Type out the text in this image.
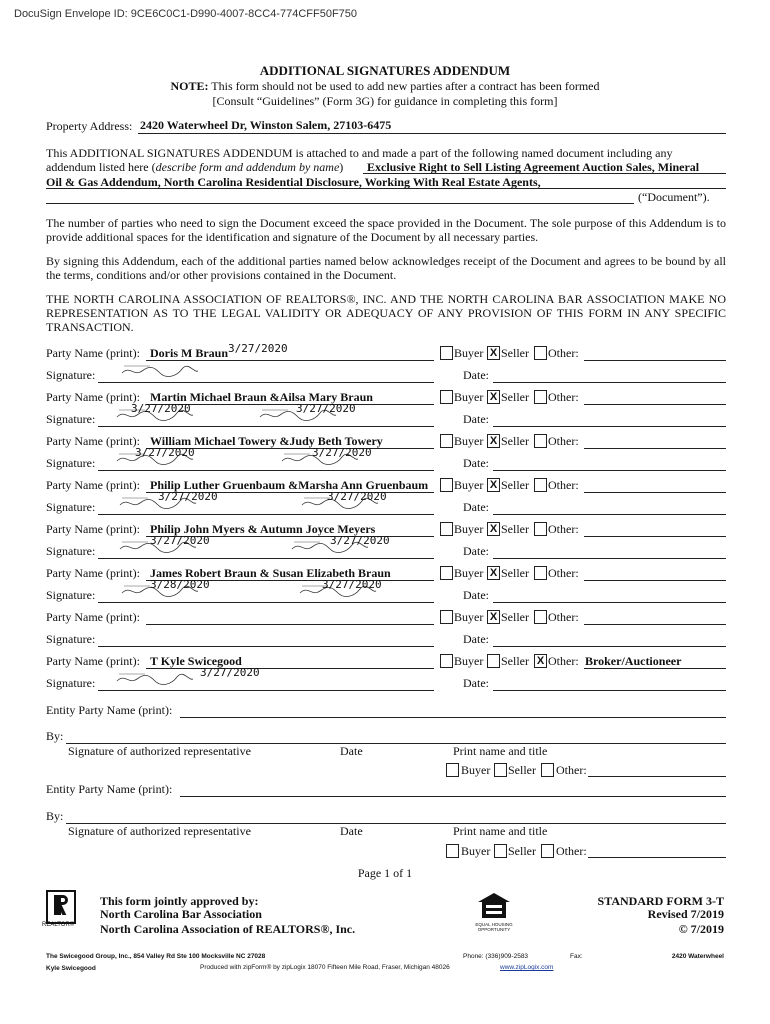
DocuSign Envelope ID: 9CE6C0C1-D990-4007-8CC4-774CFF50F750
ADDITIONAL SIGNATURES ADDENDUM
NOTE: This form should not be used to add new parties after a contract has been formed
[Consult “Guidelines” (Form 3G) for guidance in completing this form]
Property Address: 2420 Waterwheel Dr, Winston Salem, 27103-6475
This ADDITIONAL SIGNATURES ADDENDUM is attached to and made a part of the following named document including any
addendum listed here (describe form and addendum by name) Exclusive Right to Sell Listing Agreement Auction Sales, Mineral
Oil & Gas Addendum, North Carolina Residential Disclosure, Working With Real Estate Agents,
(“Document”).
The number of parties who need to sign the Document exceed the space provided in the Document. The sole purpose of this Addendum is to provide additional spaces for the identification and signature of the Document by all necessary parties.
By signing this Addendum, each of the additional parties named below acknowledges receipt of the Document and agrees to be bound by all the terms, conditions and/or other provisions contained in the Document.
THE NORTH CAROLINA ASSOCIATION OF REALTORS®, INC. AND THE NORTH CAROLINA BAR ASSOCIATION MAKE NO REPRESENTATION AS TO THE LEGAL VALIDITY OR ADEQUACY OF ANY PROVISION OF THIS FORM IN ANY SPECIFIC TRANSACTION.
Party Name (print): Doris M Braun	Buyer X Seller Other:
Signature:	Date:
3/27/2020
Party Name (print): Martin Michael Braun &Ailsa Mary Braun	Buyer X Seller Other:
Signature:	Date:
3/27/2020	3/27/2020
Party Name (print): William Michael Towery &Judy Beth Towery	Buyer X Seller Other:
Signature:	Date:
3/27/2020	3/27/2020
Party Name (print): Philip Luther Gruenbaum &Marsha Ann Gruenbaum Buyer X Seller Other:
Signature:	Date:
3/27/2020	3/27/2020
Party Name (print): Philip John Myers & Autumn Joyce Meyers	Buyer X Seller Other:
Signature:	Date:
3/27/2020	3/27/2020
Party Name (print): James Robert Braun & Susan Elizabeth Braun	Buyer X Seller Other:
Signature:	Date:
3/28/2020	3/27/2020
Party Name (print):	Buyer X Seller Other:
Signature:	Date:
Party Name (print): T Kyle Swicegood	Buyer Seller X Other: Broker/Auctioneer
Signature:	Date:
3/27/2020
Entity Party Name (print):
By:
Signature of authorized representative	Date	Print name and title
Buyer Seller Other:
Entity Party Name (print):
By:
Signature of authorized representative	Date	Print name and title
Buyer Seller Other:
Page 1 of 1
REALTOR®
This form jointly approved by:
North Carolina Bar Association
North Carolina Association of REALTORS®, Inc.	EQUAL HOUSING OPPORTUNITY
STANDARD FORM 3-T
Revised 7/2019
© 7/2019
The Swicegood Group, Inc., 854 Valley Rd Ste 100 Mocksville NC 27028	Phone: (336)909-2583	Fax:	2420 Waterwheel
Kyle Swicegood	Produced with zipForm® by zipLogix 18070 Fifteen Mile Road, Fraser, Michigan 48026	www.zipLogix.com
